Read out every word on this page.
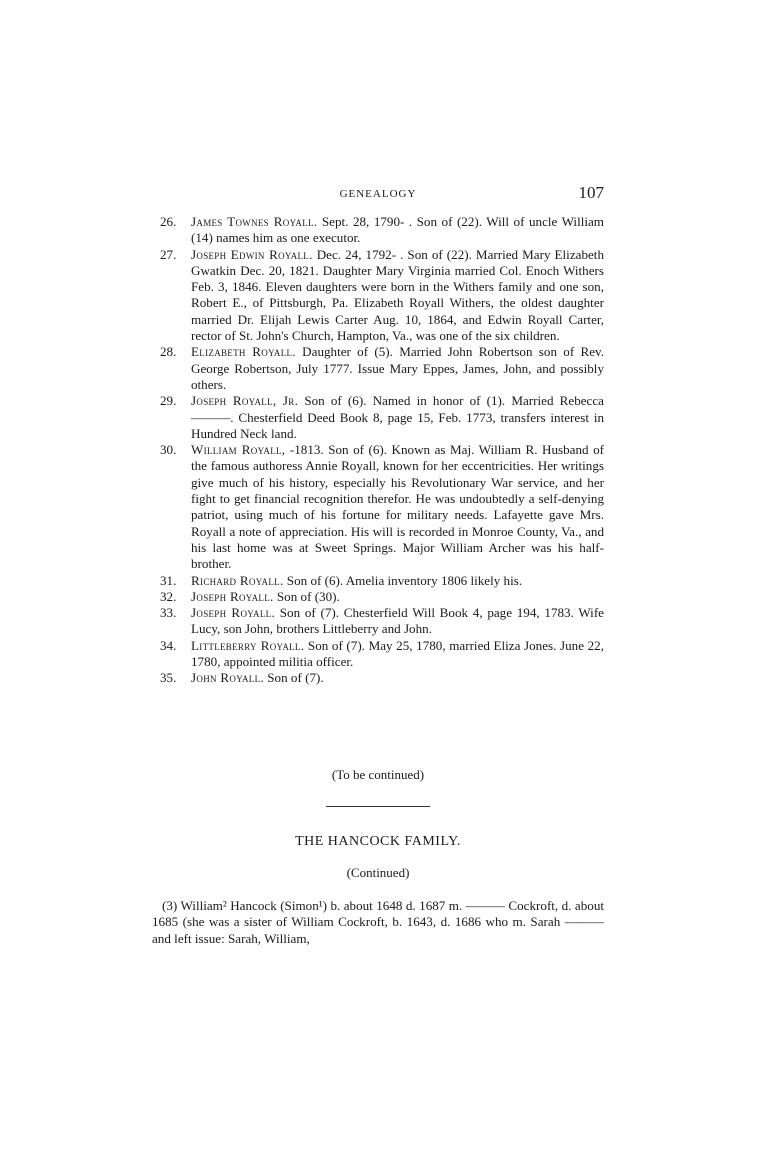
GENEALOGY	107
26.	James Townes Royall. Sept. 28, 1790- . Son of (22). Will of uncle William (14) names him as one executor.
27.	Joseph Edwin Royall. Dec. 24, 1792- . Son of (22). Married Mary Elizabeth Gwatkin Dec. 20, 1821. Daughter Mary Virginia married Col. Enoch Withers Feb. 3, 1846. Eleven daughters were born in the Withers family and one son, Robert E., of Pittsburgh, Pa. Elizabeth Royall Withers, the oldest daughter married Dr. Elijah Lewis Carter Aug. 10, 1864, and Edwin Royall Carter, rector of St. John's Church, Hampton, Va., was one of the six children.
28.	Elizabeth Royall. Daughter of (5). Married John Robertson son of Rev. George Robertson, July 1777. Issue Mary Eppes, James, John, and possibly others.
29.	Joseph Royall, Jr. Son of (6). Named in honor of (1). Married Rebecca ———. Chesterfield Deed Book 8, page 15, Feb. 1773, transfers interest in Hundred Neck land.
30.	William Royall, -1813. Son of (6). Known as Maj. William R. Husband of the famous authoress Annie Royall, known for her eccentricities. Her writings give much of his history, especially his Revolutionary War service, and her fight to get financial recognition therefor. He was undoubtedly a self-denying patriot, using much of his fortune for military needs. Lafayette gave Mrs. Royall a note of appreciation. His will is recorded in Monroe County, Va., and his last home was at Sweet Springs. Major William Archer was his half-brother.
31.	Richard Royall. Son of (6). Amelia inventory 1806 likely his.
32.	Joseph Royall. Son of (30).
33.	Joseph Royall. Son of (7). Chesterfield Will Book 4, page 194, 1783. Wife Lucy, son John, brothers Littleberry and John.
34.	Littleberry Royall. Son of (7). May 25, 1780, married Eliza Jones. June 22, 1780, appointed militia officer.
35.	John Royall. Son of (7).
(To be continued)
THE HANCOCK FAMILY.
(Continued)
(3) William² Hancock (Simon¹) b. about 1648 d. 1687 m. ——— Cockroft, d. about 1685 (she was a sister of William Cockroft, b. 1643, d. 1686 who m. Sarah ——— and left issue: Sarah, William,
